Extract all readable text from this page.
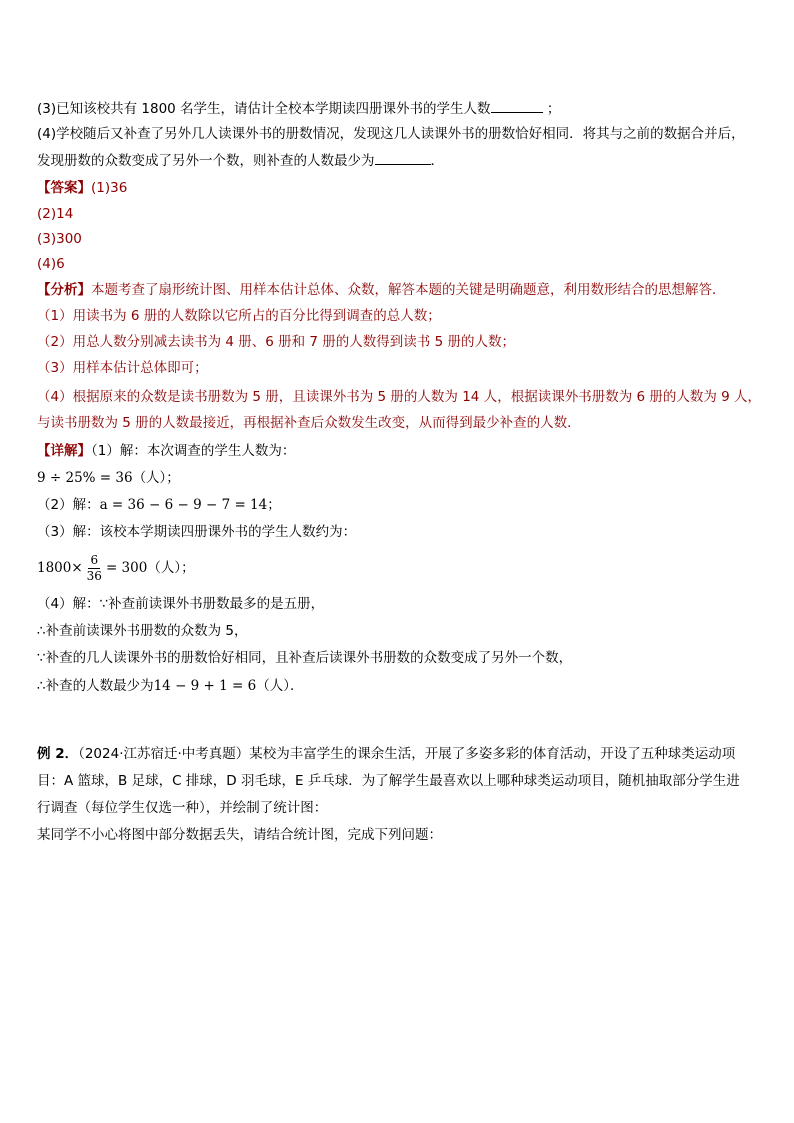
(3)已知该校共有 1800 名学生，请估计全校本学期读四册课外书的学生人数	；
(4)学校随后又补查了另外几人读课外书的册数情况，发现这几人读课外书的册数恰好相同．将其与之前的数据合并后，
发现册数的众数变成了另外一个数，则补查的人数最少为	．
【答案】(1)36
(2)14
(3)300
(4)6
【分析】本题考查了扇形统计图、用样本估计总体、众数，解答本题的关键是明确题意，利用数形结合的思想解答．
（1）用读书为 6 册的人数除以它所占的百分比得到调查的总人数；
（2）用总人数分别减去读书为 4 册、6 册和 7 册的人数得到读书 5 册的人数；
（3）用样本估计总体即可；
（4）根据原来的众数是读书册数为 5 册，且读课外书为 5 册的人数为 14 人，根据读课外书册数为 6 册的人数为 9 人，
与读书册数为 5 册的人数最接近，再根据补查后众数发生改变，从而得到最少补查的人数．
【详解】（1）解：本次调查的学生人数为：
9 ÷ 25% = 36（人）；
（2）解：a = 36 − 6 − 9 − 7 = 14；
（3）解：该校本学期读四册课外书的学生人数约为：
$1800\times \frac{6}{36} = 300$（人）；
（4）解：∵补查前读课外书册数最多的是五册，
∴补查前读课外书册数的众数为 5，
∵补查的几人读课外书的册数恰好相同，且补查后读课外书册数的众数变成了另外一个数，
∴补查的人数最少为14 − 9 + 1 = 6（人）．
例 2．（2024·江苏宿迁·中考真题）某校为丰富学生的课余生活，开展了多姿多彩的体育活动，开设了五种球类运动项
目：A 篮球，B 足球，C 排球，D 羽毛球，E 乒乓球．为了解学生最喜欢以上哪种球类运动项目，随机抽取部分学生进
行调查（每位学生仅选一种），并绘制了统计图：
某同学不小心将图中部分数据丢失，请结合统计图，完成下列问题：
